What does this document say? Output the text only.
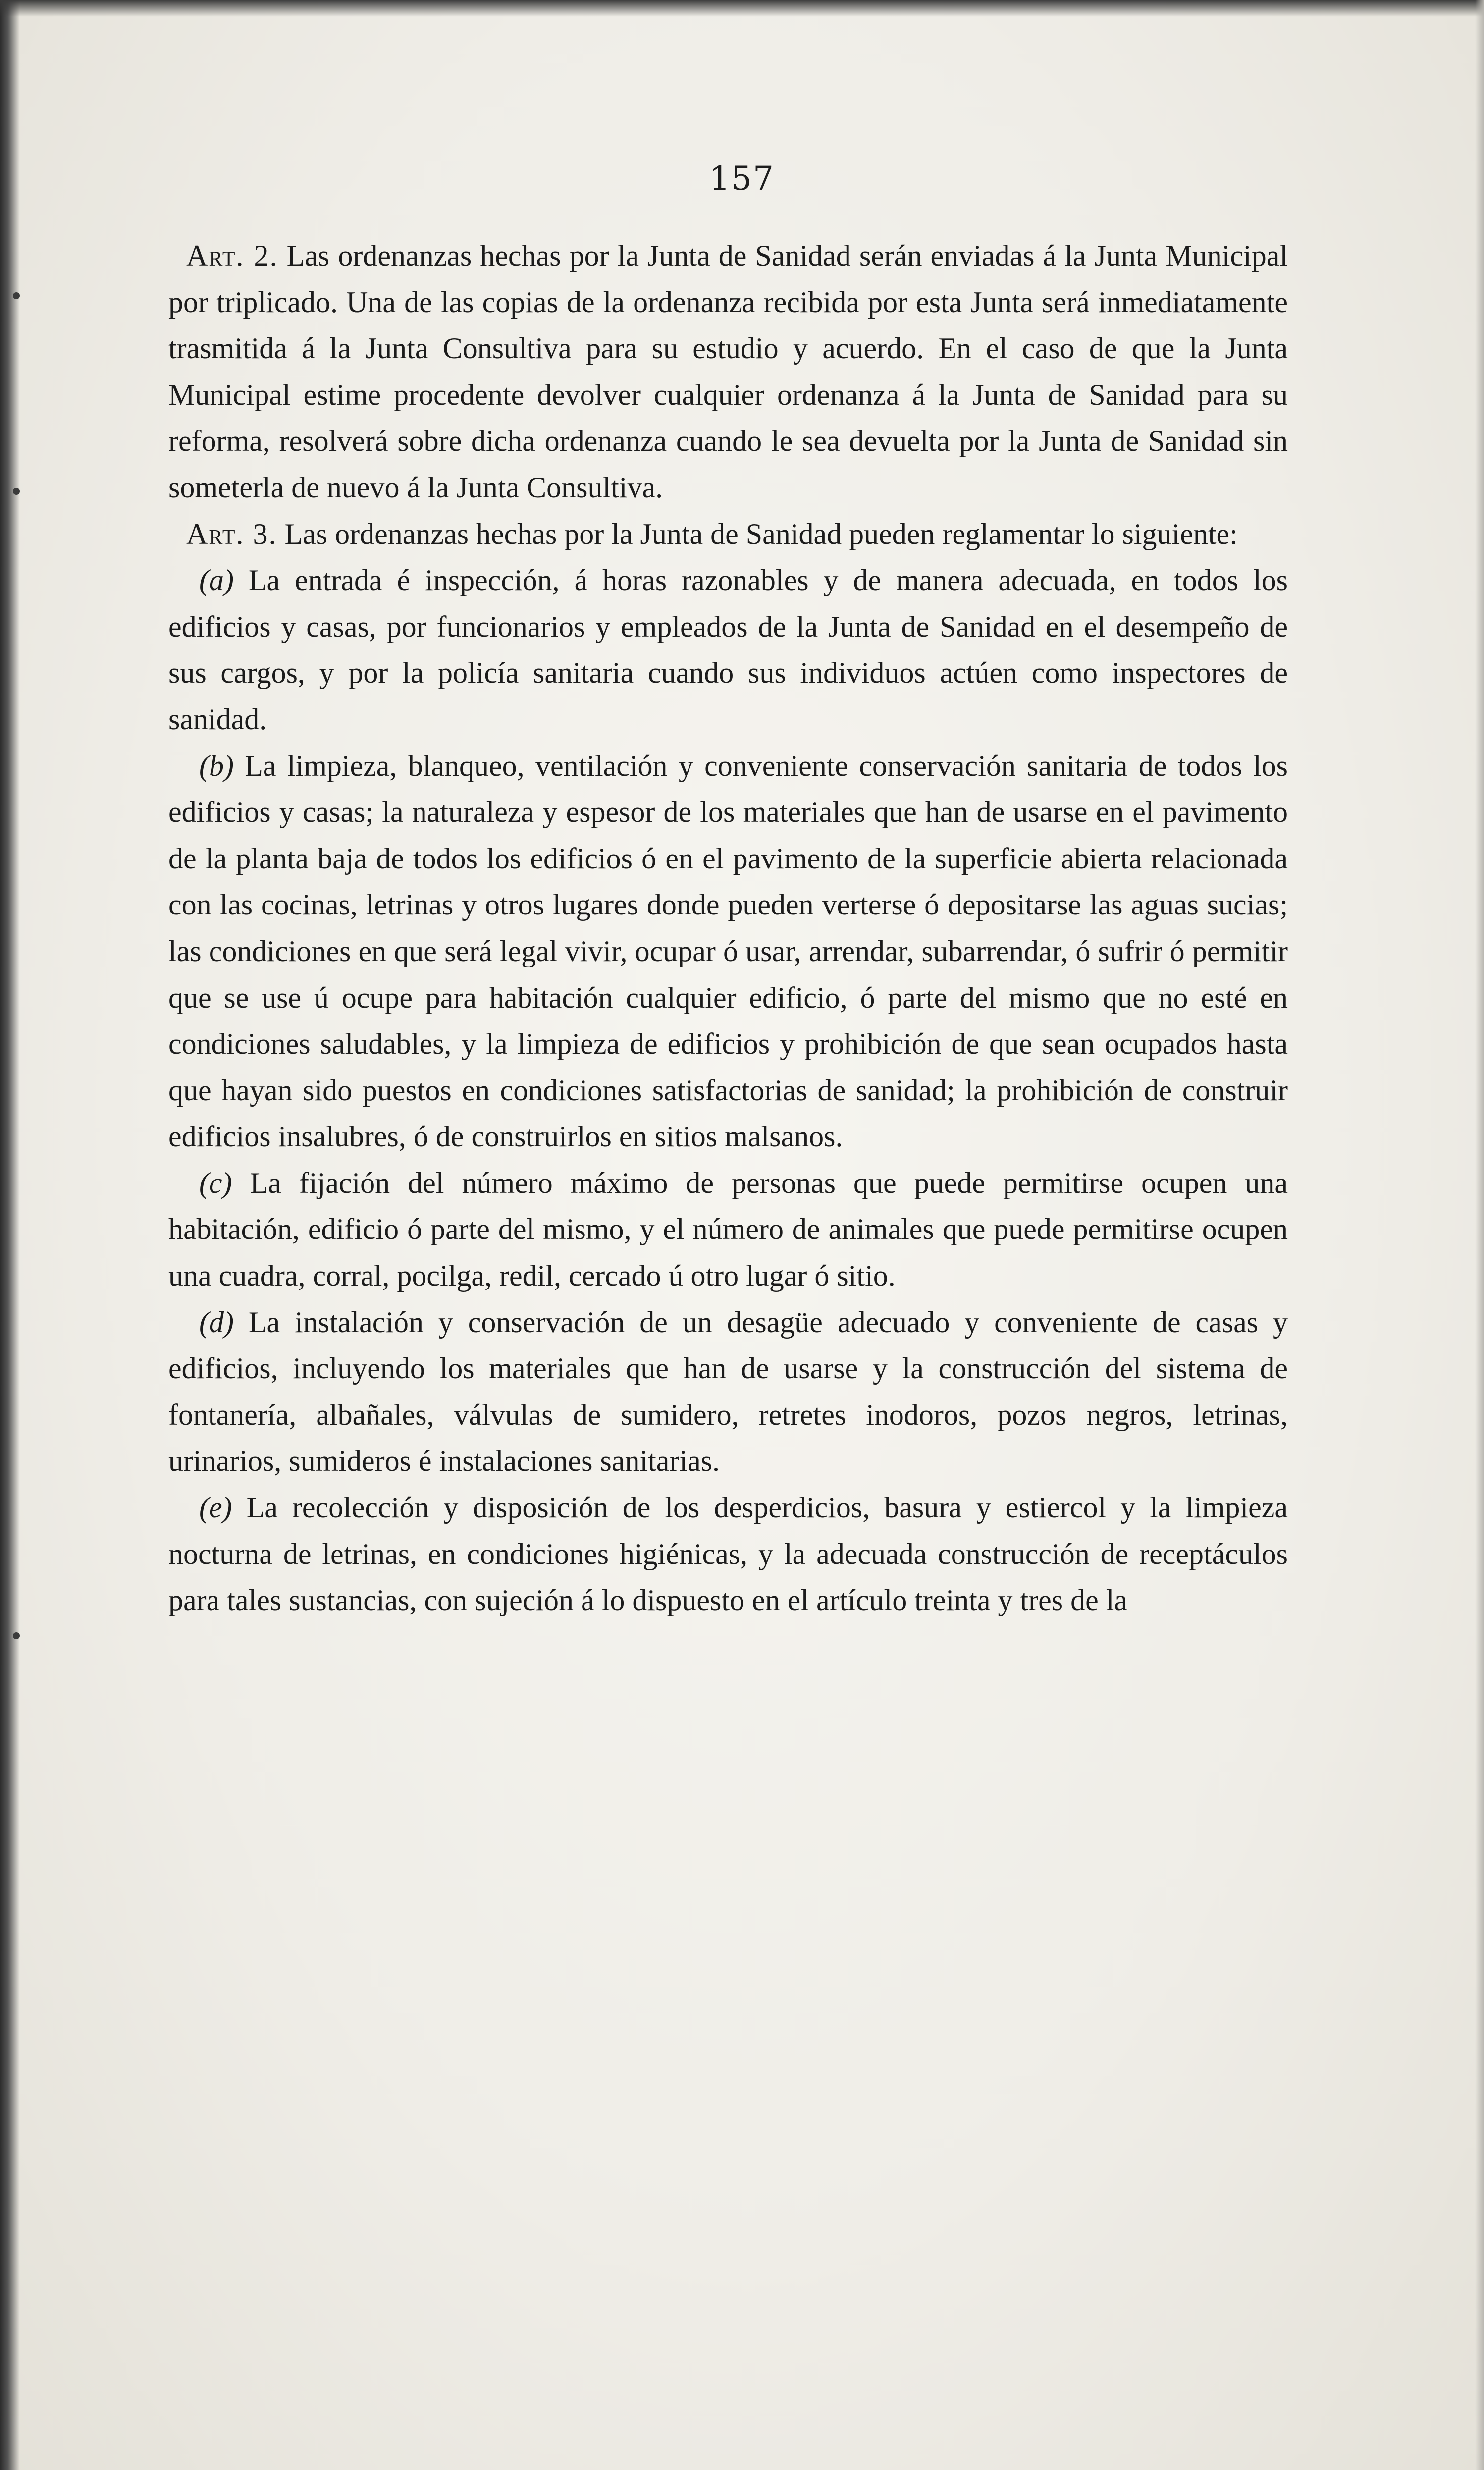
157

Art. 2. Las ordenanzas hechas por la Junta de Sanidad serán enviadas á la Junta Municipal por triplicado. Una de las copias de la ordenanza recibida por esta Junta será inmediatamente trasmitida á la Junta Consultiva para su estudio y acuerdo. En el caso de que la Junta Municipal estime procedente devolver cualquier ordenanza á la Junta de Sanidad para su reforma, resolverá sobre dicha ordenanza cuando le sea devuelta por la Junta de Sanidad sin someterla de nuevo á la Junta Consultiva.

Art. 3. Las ordenanzas hechas por la Junta de Sanidad pueden reglamentar lo siguiente:

(a) La entrada é inspección, á horas razonables y de manera adecuada, en todos los edificios y casas, por funcionarios y empleados de la Junta de Sanidad en el desempeño de sus cargos, y por la policía sanitaria cuando sus individuos actúen como inspectores de sanidad.

(b) La limpieza, blanqueo, ventilación y conveniente conservación sanitaria de todos los edificios y casas; la naturaleza y espesor de los materiales que han de usarse en el pavimento de la planta baja de todos los edificios ó en el pavimento de la superficie abierta relacionada con las cocinas, letrinas y otros lugares donde pueden verterse ó depositarse las aguas sucias; las condiciones en que será legal vivir, ocupar ó usar, arrendar, subarrendar, ó sufrir ó permitir que se use ú ocupe para habitación cualquier edificio, ó parte del mismo que no esté en condiciones saludables, y la limpieza de edificios y prohibición de que sean ocupados hasta que hayan sido puestos en condiciones satisfactorias de sanidad; la prohibición de construir edificios insalubres, ó de construirlos en sitios malsanos.

(c) La fijación del número máximo de personas que puede permitirse ocupen una habitación, edificio ó parte del mismo, y el número de animales que puede permitirse ocupen una cuadra, corral, pocilga, redil, cercado ú otro lugar ó sitio.

(d) La instalación y conservación de un desagüe adecuado y conveniente de casas y edificios, incluyendo los materiales que han de usarse y la construcción del sistema de fontanería, albañales, válvulas de sumidero, retretes inodoros, pozos negros, letrinas, urinarios, sumideros é instalaciones sanitarias.

(e) La recolección y disposición de los desperdicios, basura y estiercol y la limpieza nocturna de letrinas, en condiciones higiénicas, y la adecuada construcción de receptáculos para tales sustancias, con sujeción á lo dispuesto en el artículo treinta y tres de la
